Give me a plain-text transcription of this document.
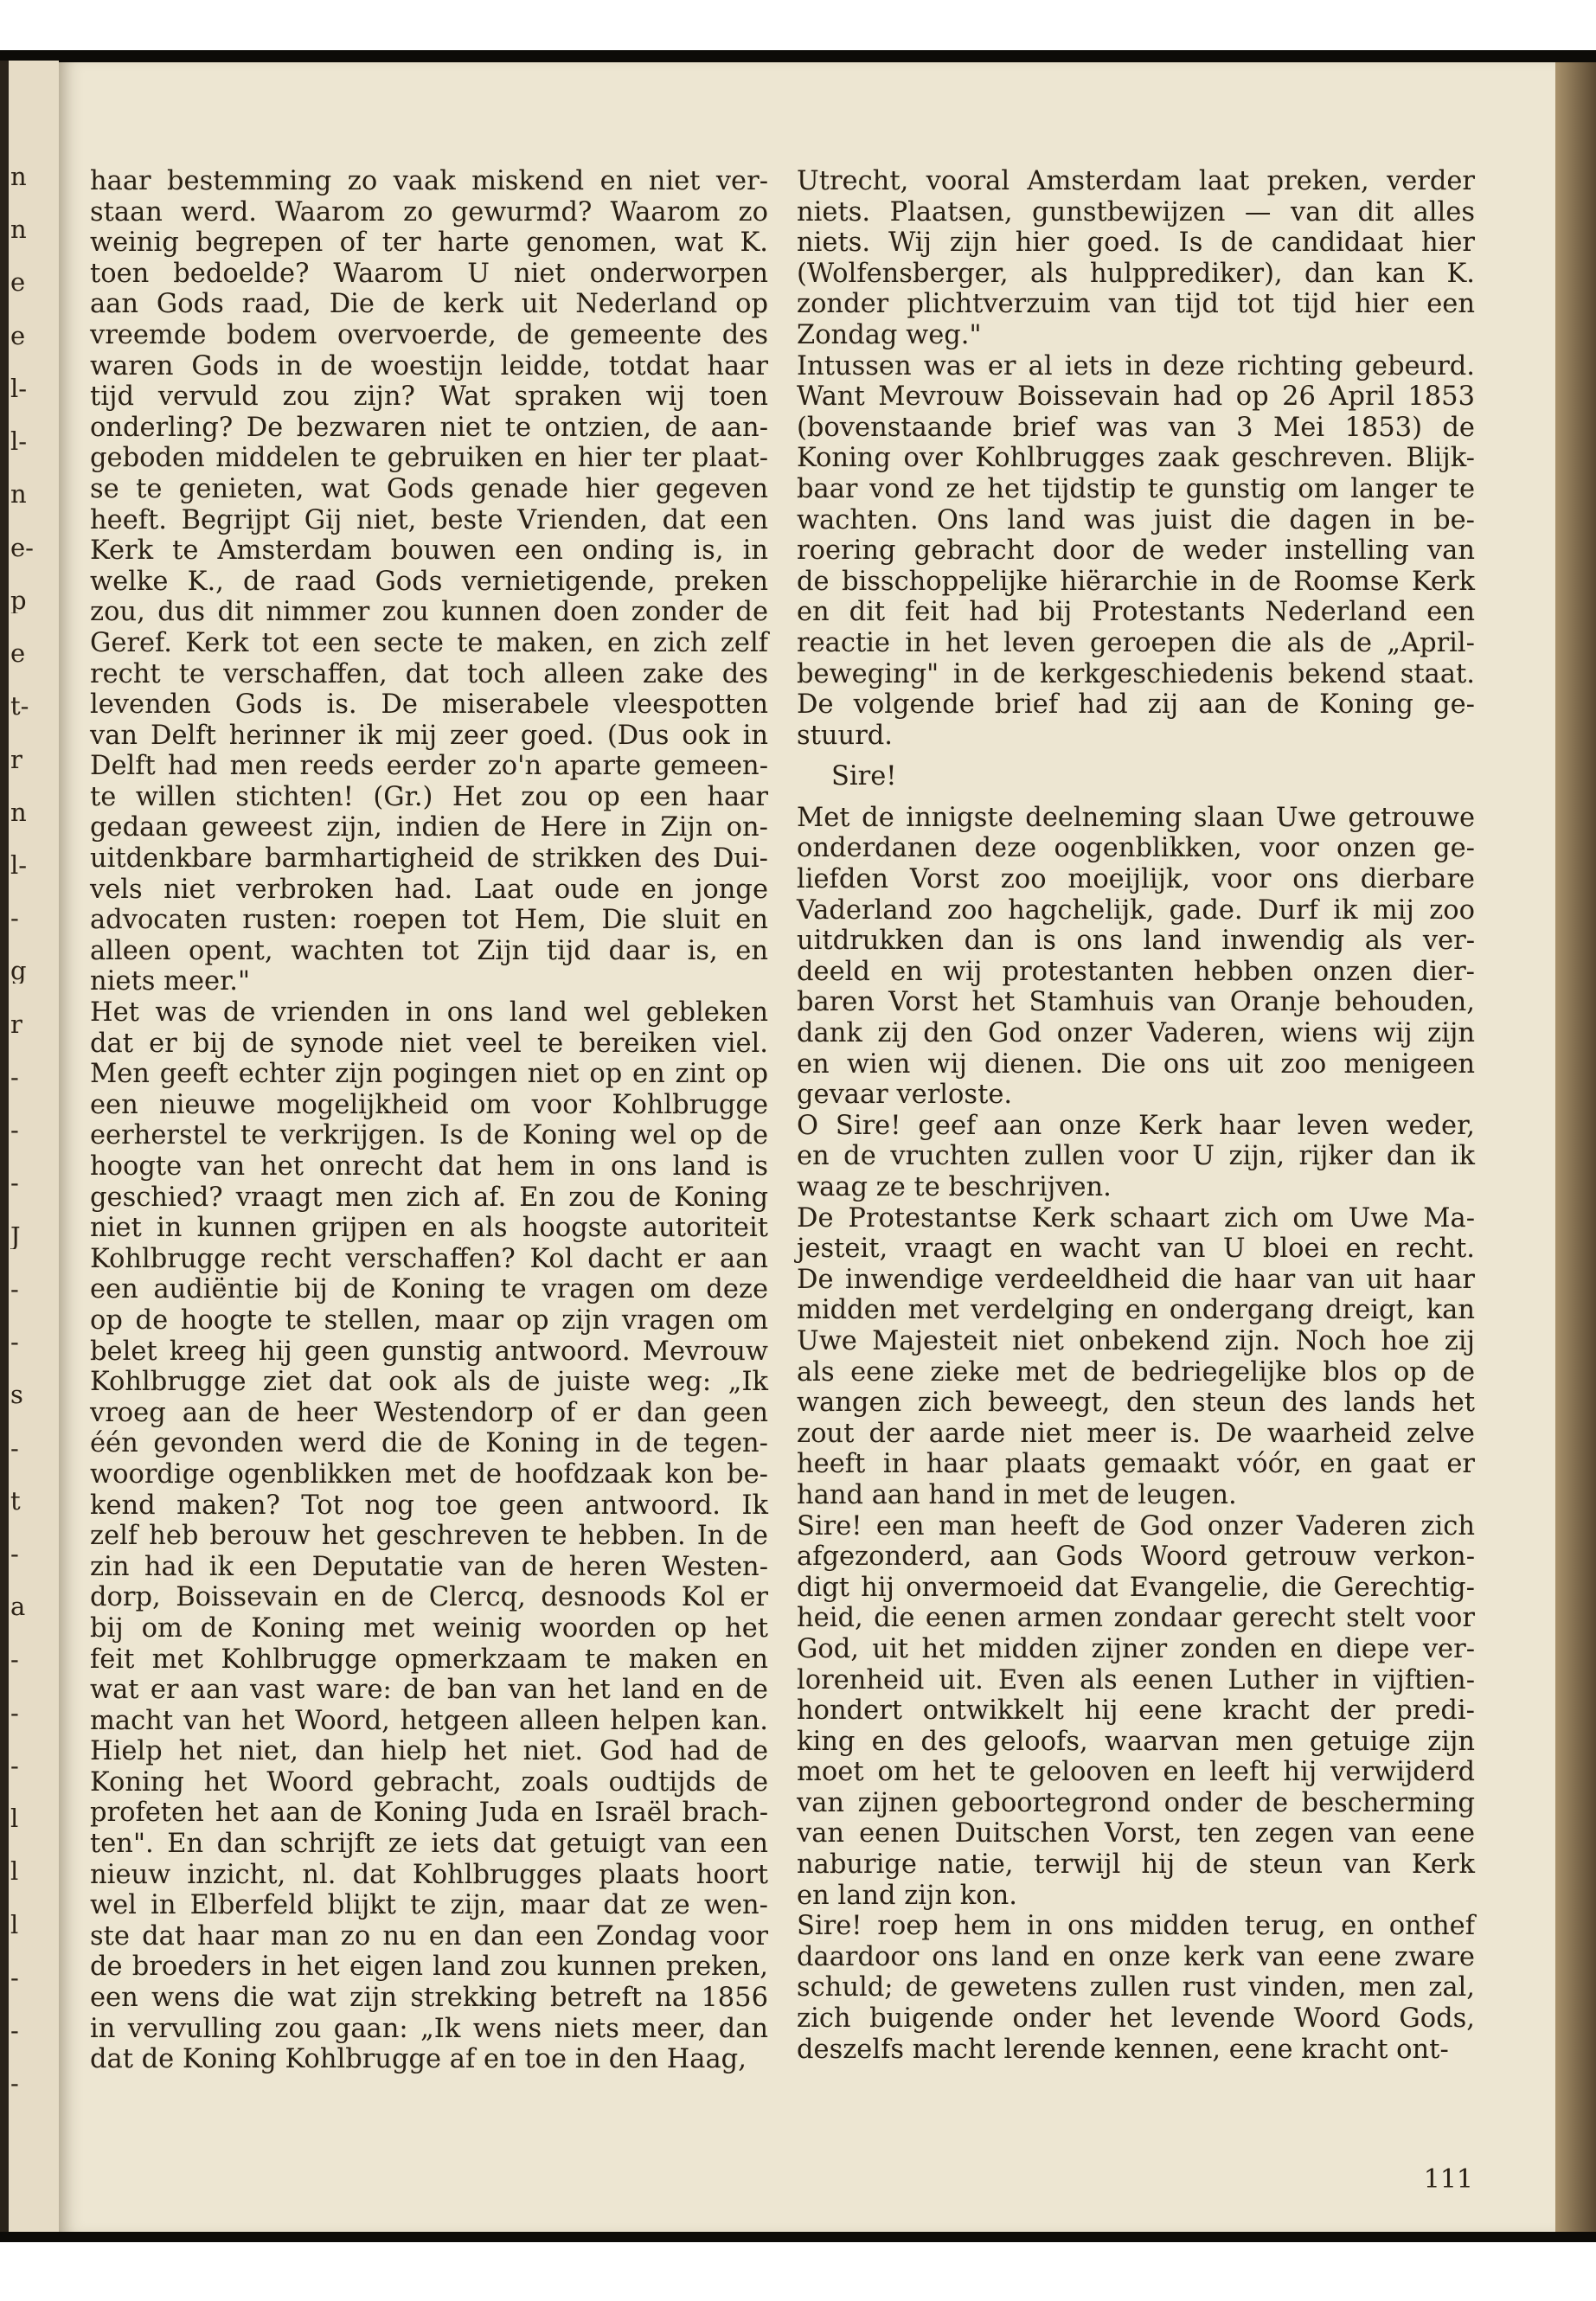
n
n
e
e
l-
l-
n
e-
p
e
t-
r
n
l-
-
g
r
-
-
-
J
-
-
s
-
t
-
a
-
-
-
l
l
l
-
-
-
haar bestemming zo vaak miskend en niet ver-
staan werd. Waarom zo gewurmd? Waarom zo
weinig begrepen of ter harte genomen, wat K.
toen bedoelde? Waarom U niet onderworpen
aan Gods raad, Die de kerk uit Nederland op
vreemde bodem overvoerde, de gemeente des
waren Gods in de woestijn leidde, totdat haar
tijd vervuld zou zijn? Wat spraken wij toen
onderling? De bezwaren niet te ontzien, de aan-
geboden middelen te gebruiken en hier ter plaat-
se te genieten, wat Gods genade hier gegeven
heeft. Begrijpt Gij niet, beste Vrienden, dat een
Kerk te Amsterdam bouwen een onding is, in
welke K., de raad Gods vernietigende, preken
zou, dus dit nimmer zou kunnen doen zonder de
Geref. Kerk tot een secte te maken, en zich zelf
recht te verschaffen, dat toch alleen zake des
levenden Gods is. De miserabele vleespotten
van Delft herinner ik mij zeer goed. (Dus ook in
Delft had men reeds eerder zo'n aparte gemeen-
te willen stichten! (Gr.) Het zou op een haar
gedaan geweest zijn, indien de Here in Zijn on-
uitdenkbare barmhartigheid de strikken des Dui-
vels niet verbroken had. Laat oude en jonge
advocaten rusten: roepen tot Hem, Die sluit en
alleen opent, wachten tot Zijn tijd daar is, en
niets meer."
Het was de vrienden in ons land wel gebleken
dat er bij de synode niet veel te bereiken viel.
Men geeft echter zijn pogingen niet op en zint op
een nieuwe mogelijkheid om voor Kohlbrugge
eerherstel te verkrijgen. Is de Koning wel op de
hoogte van het onrecht dat hem in ons land is
geschied? vraagt men zich af. En zou de Koning
niet in kunnen grijpen en als hoogste autoriteit
Kohlbrugge recht verschaffen? Kol dacht er aan
een audiëntie bij de Koning te vragen om deze
op de hoogte te stellen, maar op zijn vragen om
belet kreeg hij geen gunstig antwoord. Mevrouw
Kohlbrugge ziet dat ook als de juiste weg: „Ik
vroeg aan de heer Westendorp of er dan geen
één gevonden werd die de Koning in de tegen-
woordige ogenblikken met de hoofdzaak kon be-
kend maken? Tot nog toe geen antwoord. Ik
zelf heb berouw het geschreven te hebben. In de
zin had ik een Deputatie van de heren Westen-
dorp, Boissevain en de Clercq, desnoods Kol er
bij om de Koning met weinig woorden op het
feit met Kohlbrugge opmerkzaam te maken en
wat er aan vast ware: de ban van het land en de
macht van het Woord, hetgeen alleen helpen kan.
Hielp het niet, dan hielp het niet. God had de
Koning het Woord gebracht, zoals oudtijds de
profeten het aan de Koning Juda en Israël brach-
ten". En dan schrijft ze iets dat getuigt van een
nieuw inzicht, nl. dat Kohlbrugges plaats hoort
wel in Elberfeld blijkt te zijn, maar dat ze wen-
ste dat haar man zo nu en dan een Zondag voor
de broeders in het eigen land zou kunnen preken,
een wens die wat zijn strekking betreft na 1856
in vervulling zou gaan: „Ik wens niets meer, dan
dat de Koning Kohlbrugge af en toe in den Haag,
Utrecht, vooral Amsterdam laat preken, verder
niets. Plaatsen, gunstbewijzen — van dit alles
niets. Wij zijn hier goed. Is de candidaat hier
(Wolfensberger, als hulpprediker), dan kan K.
zonder plichtverzuim van tijd tot tijd hier een
Zondag weg."
Intussen was er al iets in deze richting gebeurd.
Want Mevrouw Boissevain had op 26 April 1853
(bovenstaande brief was van 3 Mei 1853) de
Koning over Kohlbrugges zaak geschreven. Blijk-
baar vond ze het tijdstip te gunstig om langer te
wachten. Ons land was juist die dagen in be-
roering gebracht door de weder instelling van
de bisschoppelijke hiërarchie in de Roomse Kerk
en dit feit had bij Protestants Nederland een
reactie in het leven geroepen die als de „April-
beweging" in de kerkgeschiedenis bekend staat.
De volgende brief had zij aan de Koning ge-
stuurd.
Sire!
Met de innigste deelneming slaan Uwe getrouwe
onderdanen deze oogenblikken, voor onzen ge-
liefden Vorst zoo moeijlijk, voor ons dierbare
Vaderland zoo hagchelijk, gade. Durf ik mij zoo
uitdrukken dan is ons land inwendig als ver-
deeld en wij protestanten hebben onzen dier-
baren Vorst het Stamhuis van Oranje behouden,
dank zij den God onzer Vaderen, wiens wij zijn
en wien wij dienen. Die ons uit zoo menigeen
gevaar verloste.
O Sire! geef aan onze Kerk haar leven weder,
en de vruchten zullen voor U zijn, rijker dan ik
waag ze te beschrijven.
De Protestantse Kerk schaart zich om Uwe Ma-
jesteit, vraagt en wacht van U bloei en recht.
De inwendige verdeeldheid die haar van uit haar
midden met verdelging en ondergang dreigt, kan
Uwe Majesteit niet onbekend zijn. Noch hoe zij
als eene zieke met de bedriegelijke blos op de
wangen zich beweegt, den steun des lands het
zout der aarde niet meer is. De waarheid zelve
heeft in haar plaats gemaakt vóór, en gaat er
hand aan hand in met de leugen.
Sire! een man heeft de God onzer Vaderen zich
afgezonderd, aan Gods Woord getrouw verkon-
digt hij onvermoeid dat Evangelie, die Gerechtig-
heid, die eenen armen zondaar gerecht stelt voor
God, uit het midden zijner zonden en diepe ver-
lorenheid uit. Even als eenen Luther in vijftien-
hondert ontwikkelt hij eene kracht der predi-
king en des geloofs, waarvan men getuige zijn
moet om het te gelooven en leeft hij verwijderd
van zijnen geboortegrond onder de bescherming
van eenen Duitschen Vorst, ten zegen van eene
naburige natie, terwijl hij de steun van Kerk
en land zijn kon.
Sire! roep hem in ons midden terug, en onthef
daardoor ons land en onze kerk van eene zware
schuld; de gewetens zullen rust vinden, men zal,
zich buigende onder het levende Woord Gods,
deszelfs macht lerende kennen, eene kracht ont-
111
